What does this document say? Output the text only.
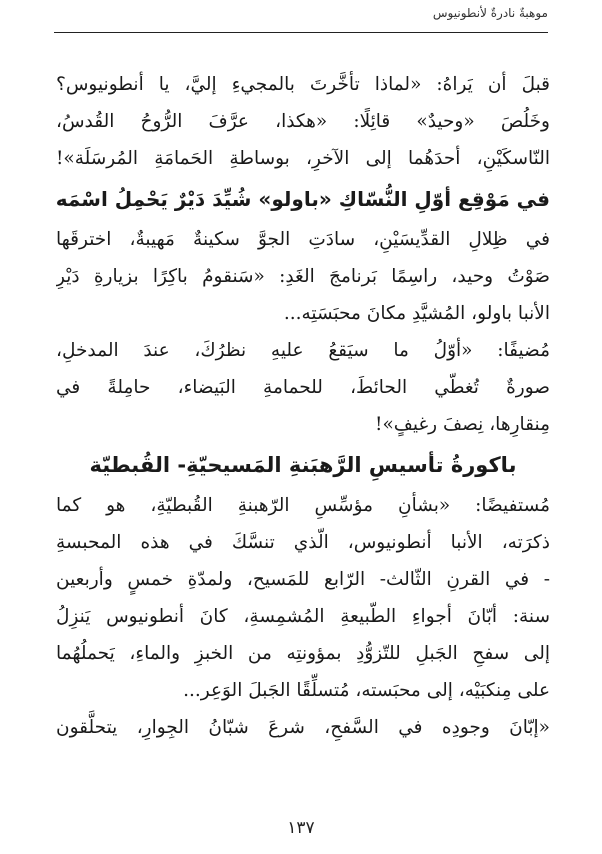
موهبةٌ نادرةٌ لأنطونيوس
قبلَ أن يَراهُ: «لماذا تأخَّرتَ بالمجيءِ إليَّ، يا أنطونيوس؟
وخَلُصَ «وحيدٌ» قائِلًا: «هكذا، عرَّفَ الرُّوحُ القُدسُ،
النّاسكَيْنِ، أحدَهُما إلى الآخرِ، بوساطةِ الحَمامَةِ المُرسَلَة»!
في مَوْقِع أوّلِ النُّسّاكِ «باولو» شُيِّدَ دَيْرٌ يَحْمِلُ اسْمَه
في ظِلالِ القدِّيسَيْنِ، سادَتِ الجوَّ سكينةٌ مَهيبةٌ، اخترقَها
صَوْتُ وحيد، راسِمًا بَرنامجَ الغَدِ: «سَنقومُ باكِرًا بزيارةِ دَيْرِ
الأنبا باولو، المُشيَّدِ مكانَ محبَسَتِه...
مُضيفًا: «أوّلُ ما سيَقعُ عليهِ نظرُكَ، عندَ المدخلِ،
صورةٌ تُغطّي الحائطَ، للحمامةِ البَيضاء، حامِلةً في
مِنقارِها، نِصفَ رغيفٍ»!
باكورةُ تأسيسِ الرَّهبَنةِ المَسيحيّةِ- القُبطيّة
مُستفيضًا: «بشأنِ مؤسِّسِ الرّهبنةِ القُبطيّةِ، هو كما
ذكرَته، الأنبا أنطونيوس، الّذي تنسَّكَ في هذه المحبسةِ
- في القرنِ الثّالث- الرّابع للمَسيح، ولمدّةِ خمسٍ وأربعين
سنة: أبّانَ أجواءِ الطّبيعةِ المُشمِسةِ، كانَ أنطونيوس يَنزِلُ
إلى سفحِ الجَبلِ للتّزوُّدِ بمؤونتِه من الخبزِ والماءِ، يَحملُهُما
على مِنكبَيْه، إلى محبَسته، مُتسلِّقًا الجَبلَ الوَعِر...
«إبّانَ وجودِه في السَّفحِ، شرعَ شبّانُ الجِوارِ، يتحلَّقون
١٣٧
